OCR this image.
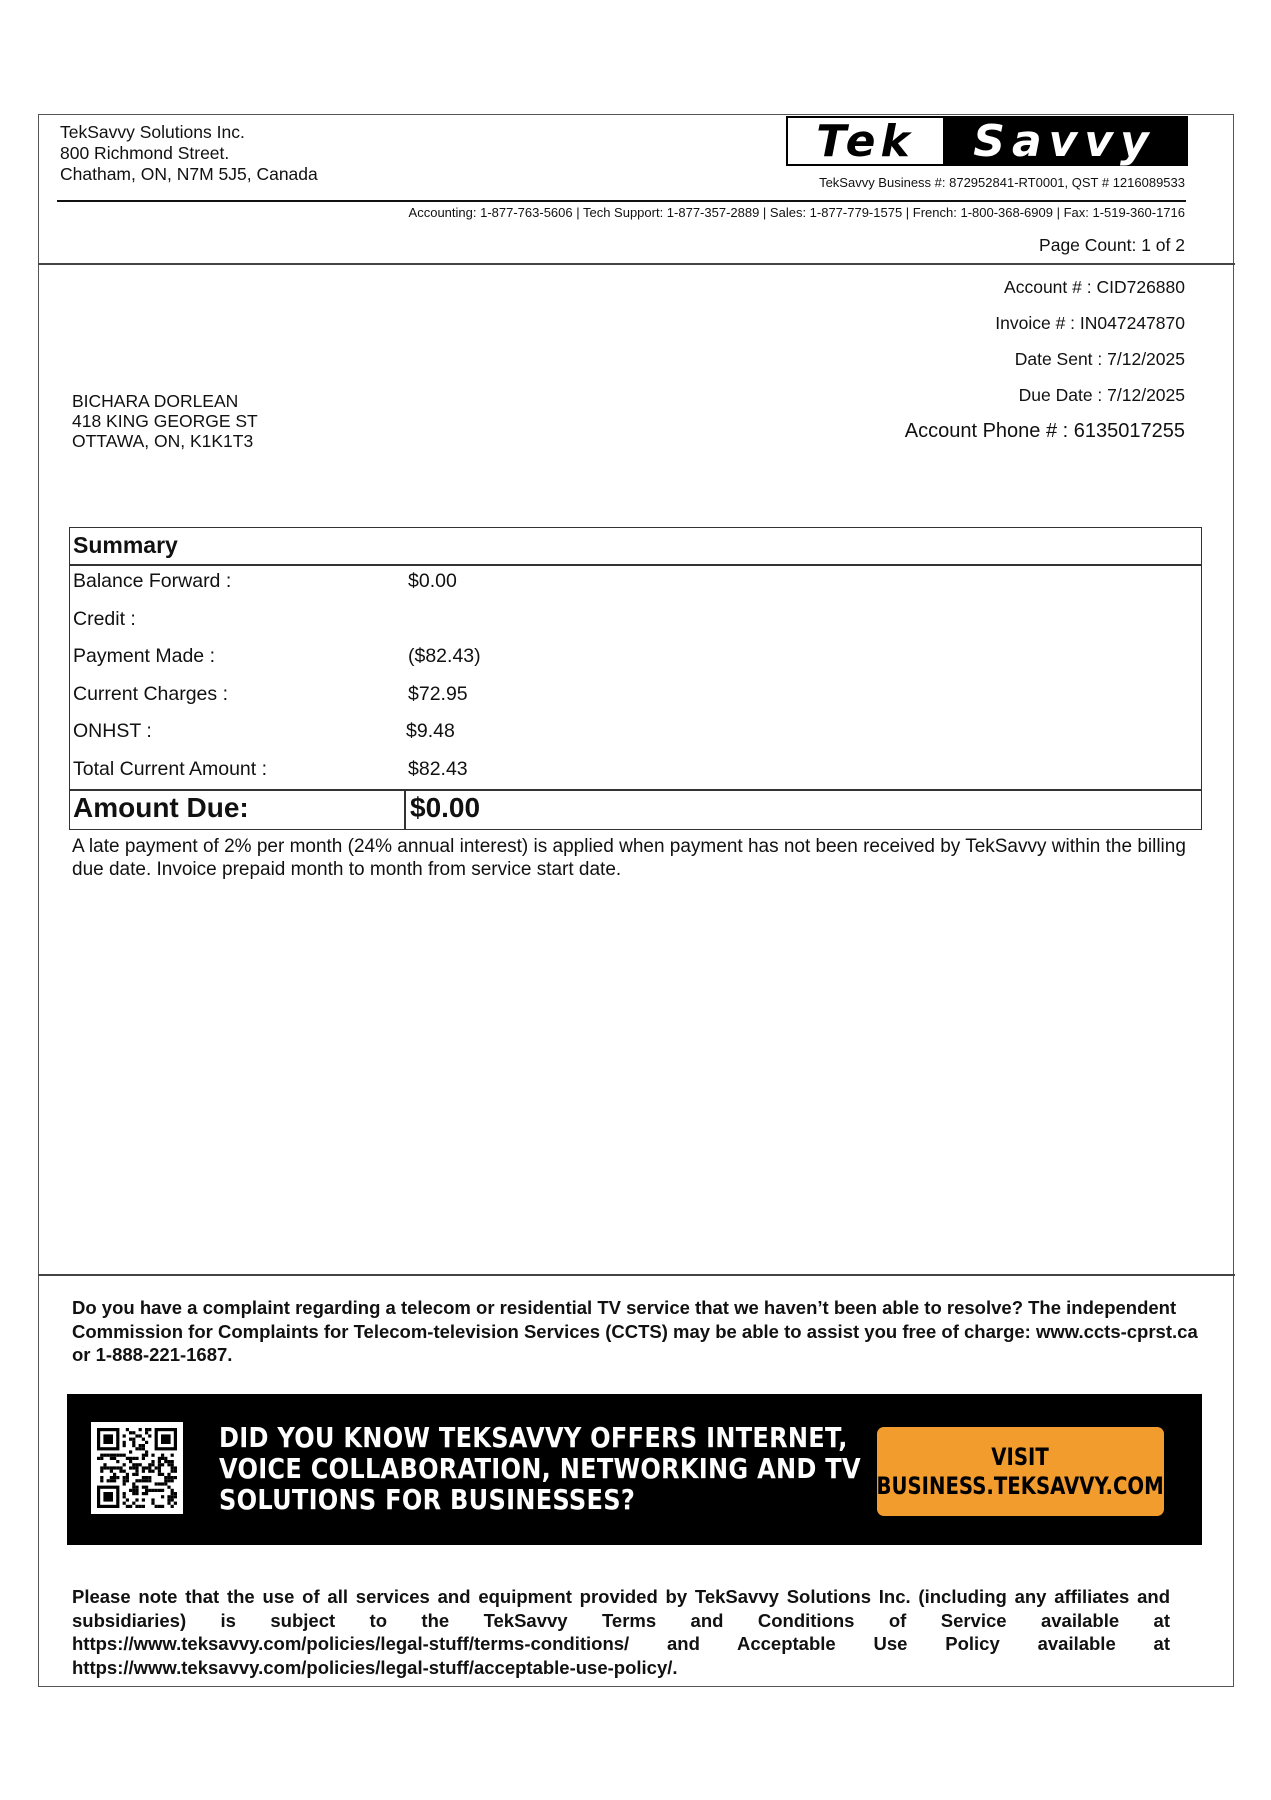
TekSavvy Solutions Inc.
800 Richmond Street.
Chatham, ON, N7M 5J5, Canada
Tek	Savvy
TekSavvy Business #: 872952841-RT0001, QST # 1216089533
Accounting: 1-877-763-5606 | Tech Support: 1-877-357-2889 | Sales: 1-877-779-1575 | French: 1-800-368-6909 | Fax: 1-519-360-1716
Page Count: 1 of 2
Account # : CID726880
Invoice # : IN047247870
Date Sent : 7/12/2025
Due Date : 7/12/2025
Account Phone # : 6135017255
BICHARA DORLEAN
418 KING GEORGE ST
OTTAWA, ON, K1K1T3
Summary
Balance Forward :	$0.00
Credit :
Payment Made :	($82.43)
Current Charges :	$72.95
ONHST :	$9.48
Total Current Amount :	$82.43
Amount Due:	$0.00
A late payment of 2% per month (24% annual interest) is applied when payment has not been received by TekSavvy within the billing due date. Invoice prepaid month to month from service start date.
Do you have a complaint regarding a telecom or residential TV service that we haven’t been able to resolve? The independent Commission for Complaints for Telecom-television Services (CCTS) may be able to assist you free of charge: www.ccts-cprst.ca or 1-888-221-1687.
DID YOU KNOW TEKSAVVY OFFERS INTERNET,
VOICE COLLABORATION, NETWORKING AND TV
SOLUTIONS FOR BUSINESSES?
VISIT
BUSINESS.TEKSAVVY.COM
Please note that the use of all services and equipment provided by TekSavvy Solutions Inc. (including any affiliates and subsidiaries) is subject to the TekSavvy Terms and Conditions of Service available at https://www.teksavvy.com/policies/legal-stuff/terms-conditions/ and Acceptable Use Policy available at https://www.teksavvy.com/policies/legal-stuff/acceptable-use-policy/.
